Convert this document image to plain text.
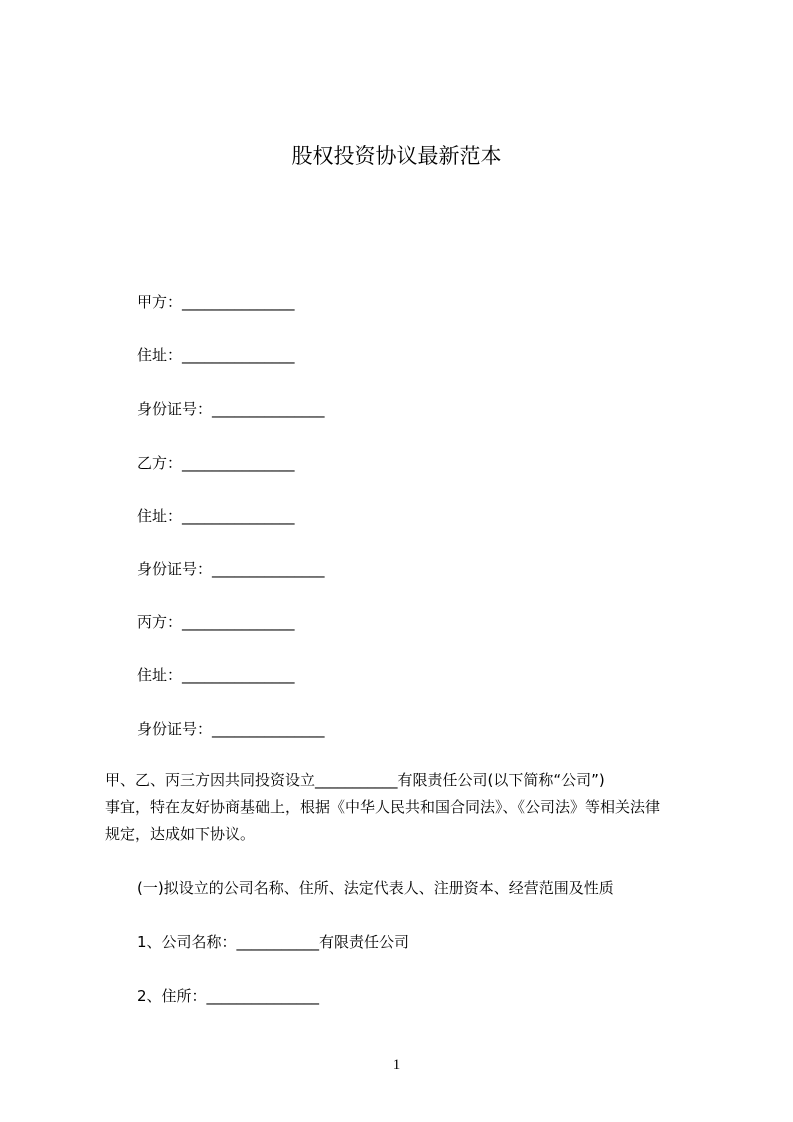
股权投资协议最新范本
甲方：_______________
住址：_______________
身份证号：_______________
乙方：_______________
住址：_______________
身份证号：_______________
丙方：_______________
住址：_______________
身份证号：_______________

甲、乙、丙三方因共同投资设立___________有限责任公司(以下简称“公司”)

事宜，特在友好协商基础上，根据《中华人民共和国合同法》、《公司法》等相关法律

规定，达成如下协议。

(一)拟设立的公司名称、住所、法定代表人、注册资本、经营范围及性质
1、公司名称：___________有限责任公司
2、住所：_______________
1
